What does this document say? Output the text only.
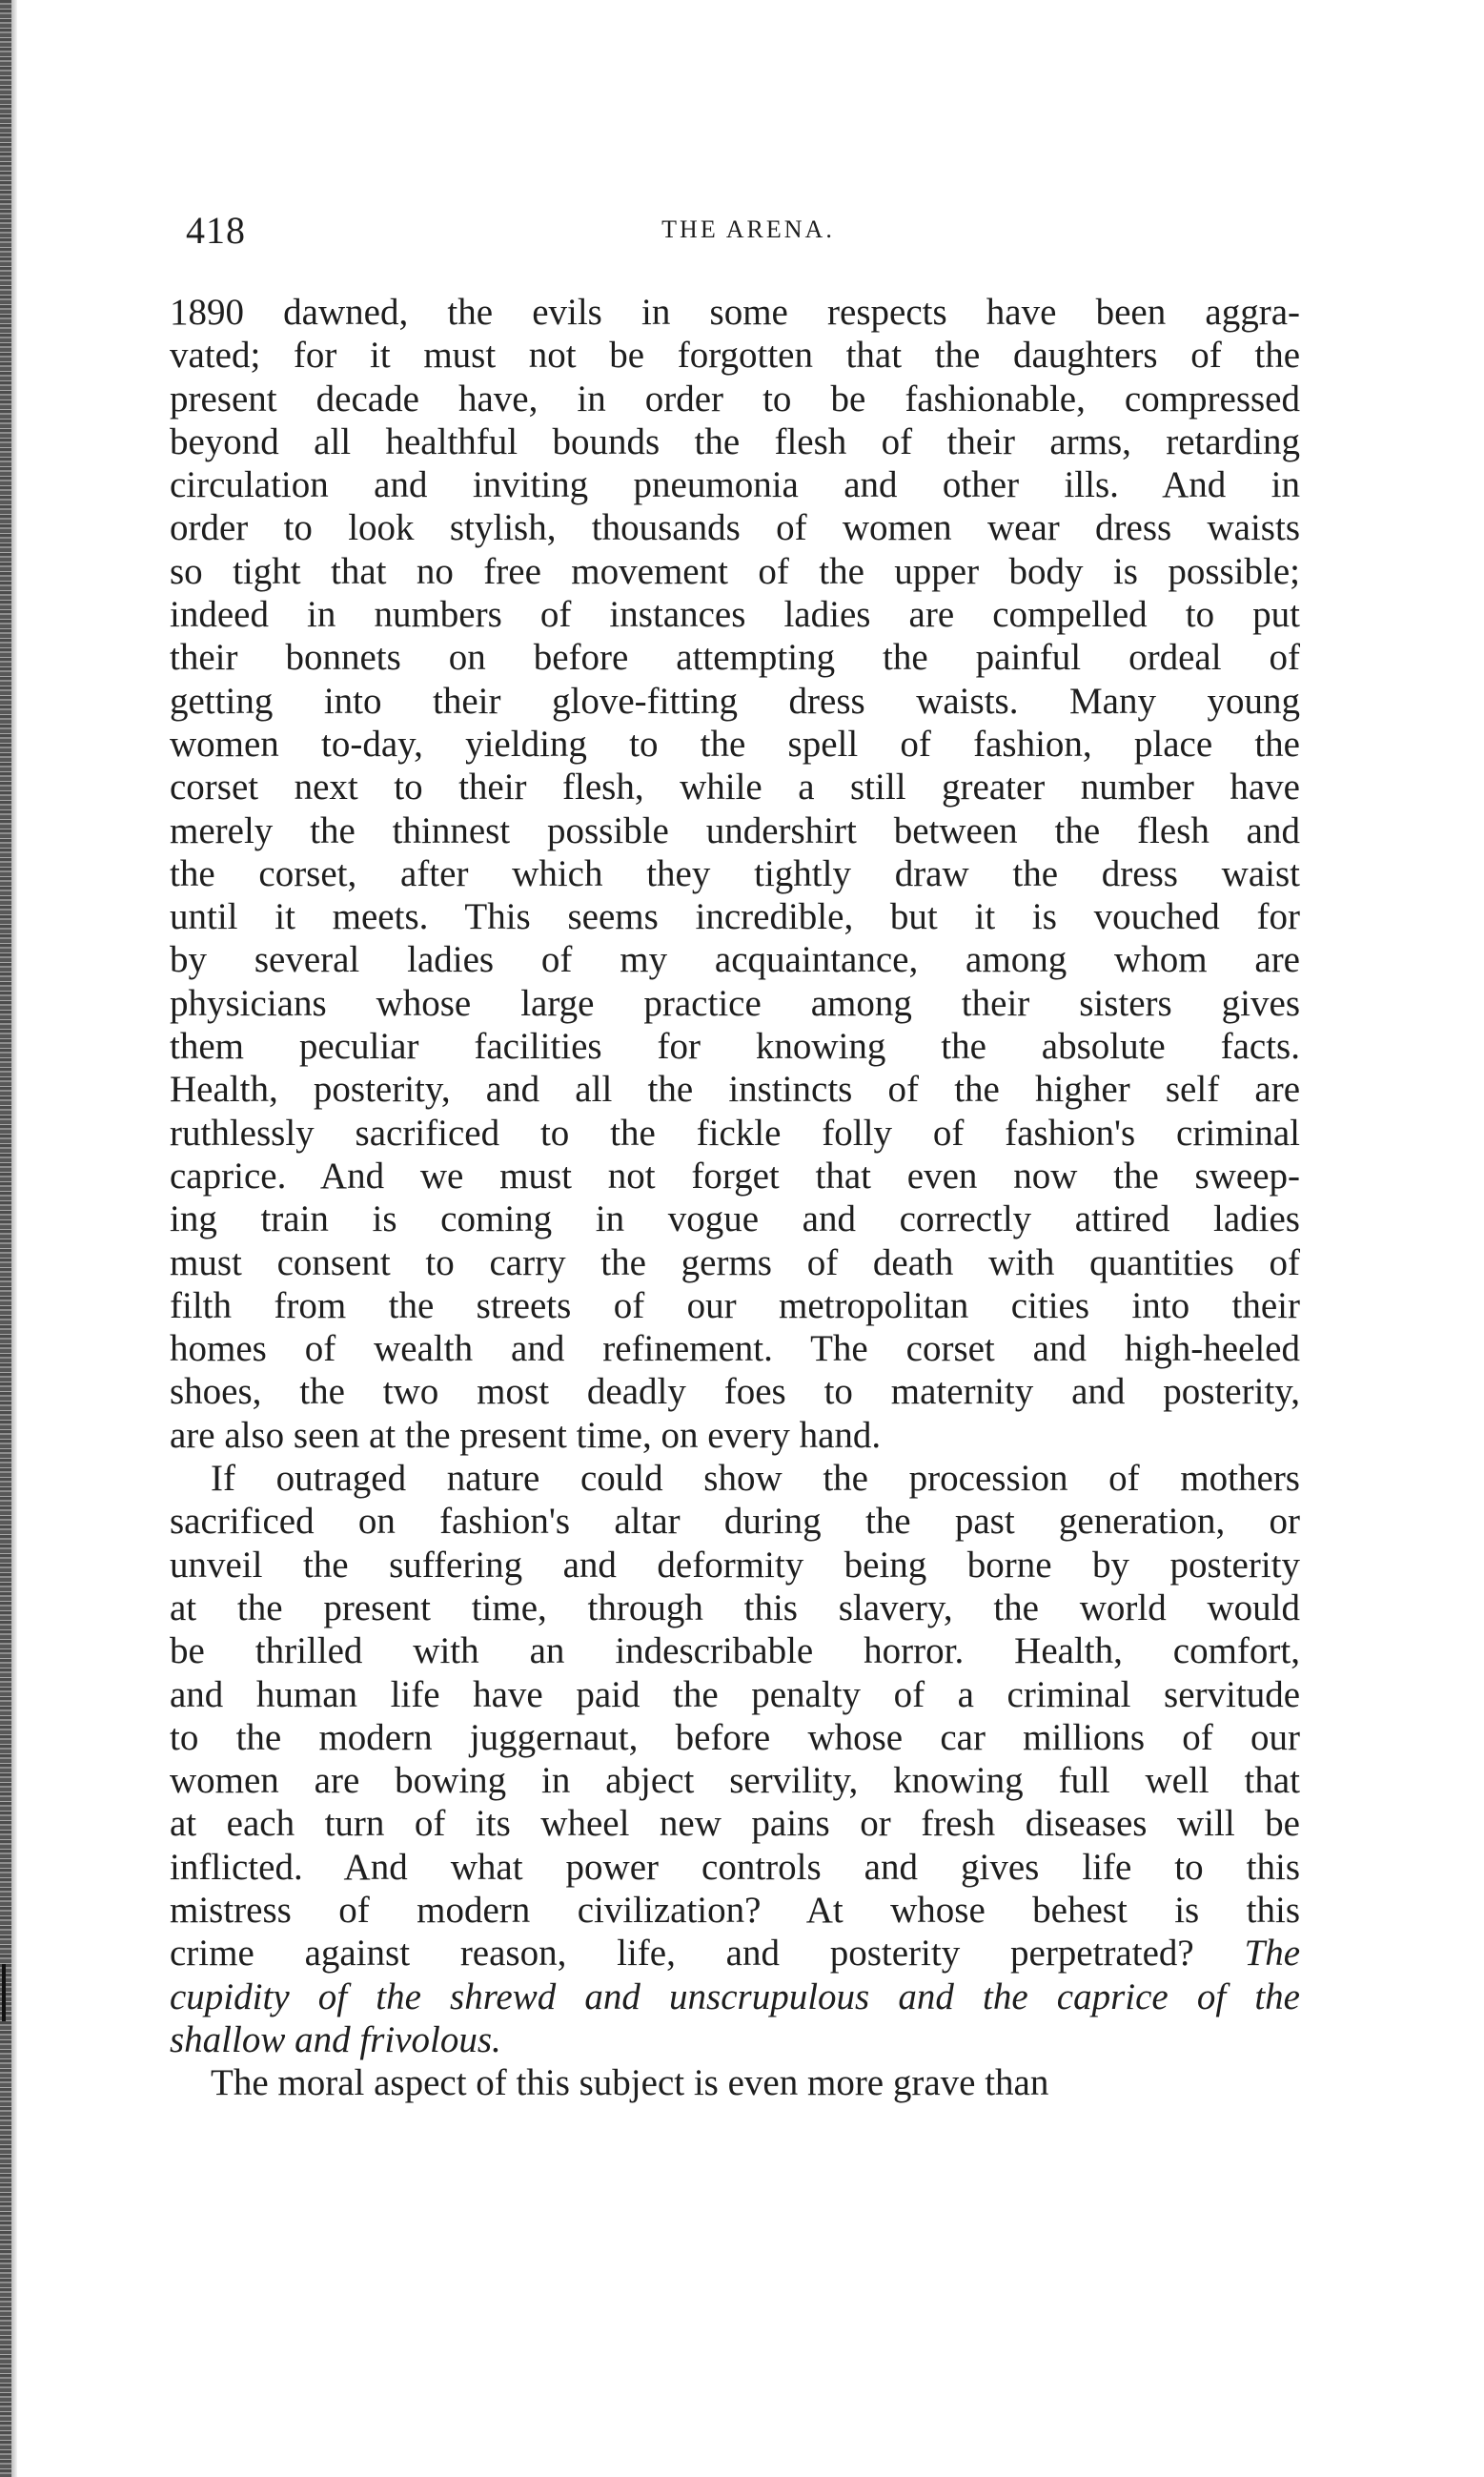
418	THE ARENA.
1890 dawned, the evils in some respects have been aggra-
vated; for it must not be forgotten that the daughters of the
present decade have, in order to be fashionable, compressed
beyond all healthful bounds the flesh of their arms, retarding
circulation and inviting pneumonia and other ills. And in
order to look stylish, thousands of women wear dress waists
so tight that no free movement of the upper body is possible;
indeed in numbers of instances ladies are compelled to put
their bonnets on before attempting the painful ordeal of
getting into their glove-fitting dress waists. Many young
women to-day, yielding to the spell of fashion, place the
corset next to their flesh, while a still greater number have
merely the thinnest possible undershirt between the flesh and
the corset, after which they tightly draw the dress waist
until it meets. This seems incredible, but it is vouched for
by several ladies of my acquaintance, among whom are
physicians whose large practice among their sisters gives
them peculiar facilities for knowing the absolute facts.
Health, posterity, and all the instincts of the higher self are
ruthlessly sacrificed to the fickle folly of fashion's criminal
caprice. And we must not forget that even now the sweep-
ing train is coming in vogue and correctly attired ladies
must consent to carry the germs of death with quantities of
filth from the streets of our metropolitan cities into their
homes of wealth and refinement. The corset and high-heeled
shoes, the two most deadly foes to maternity and posterity,
are also seen at the present time, on every hand.
If outraged nature could show the procession of mothers
sacrificed on fashion's altar during the past generation, or
unveil the suffering and deformity being borne by posterity
at the present time, through this slavery, the world would
be thrilled with an indescribable horror. Health, comfort,
and human life have paid the penalty of a criminal servitude
to the modern juggernaut, before whose car millions of our
women are bowing in abject servility, knowing full well that
at each turn of its wheel new pains or fresh diseases will be
inflicted. And what power controls and gives life to this
mistress of modern civilization? At whose behest is this
crime against reason, life, and posterity perpetrated? The
cupidity of the shrewd and unscrupulous and the caprice of the
shallow and frivolous.
The moral aspect of this subject is even more grave than
